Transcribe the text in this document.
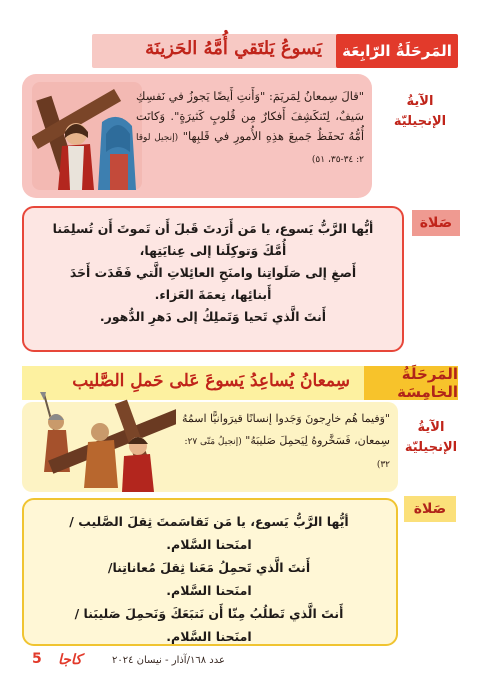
المَرحَلَةُ الرّابِعَة
يَسوعُ يَلتَقي أُمَّهُ الحَزينَة
"قالَ سِمعانُ لِمَريَمَ: "وَأَنتِ أَيضًا يَجوزُ في نَفسِكِ سَيفٌ، لِتَنكَشِفَ أَفكارٌ مِن قُلوبٍ كَثيرَةٍ". وَكانَت أُمُّهُ تَحفَظُ جَميعَ هذِهِ الأُمورِ في قَلبِها" (إنجيل لوقا ٢: ٣٤-٣٥، ٥١)
الآيةُ الإنجيليّة
صَلاة
أيُّها الرَّبُّ يَسوع، يا مَن أَرَدتَ قَبلَ أَن تَموتَ أَن تُسلِمَنا
أُمَّكَ وَتوكِلَنا إلى عِنايَتِها،
أَصغِ إلى صَلَواتِنا وامنَحِ العائِلاتِ الَّتي فَقَدَت أَحَدَ
أَبنائِها، نِعمَةَ العَزاء.
أَنتَ الَّذي تَحيا وَتَملِكُ إلى دَهرِ الدُّهور.
المَرحَلَةُ الخامِسَة
سِمعانُ يُساعِدُ يَسوعَ عَلى حَملِ الصَّليب
"وَفيما هُم خارِجونَ وَجَدوا إنسانًا قيرَوانيًّا اسمُهُ سِمعان، فَسَخَّروهُ لِيَحمِلَ صَليبَهُ" (إنجيلُ مَتّى ٢٧: ٣٢)
الآيةُ الإنجيليّة
صَلاة
أيُّها الرَّبُّ يَسوع، يا مَن تَقاسَمتَ ثِقلَ الصَّليب /
امنَحنا السَّلام.
أَنتَ الَّذي تَحمِلُ مَعَنا ثِقلَ مُعاناتِنا/
امنَحنا السَّلام.
أَنتَ الَّذي تَطلُبُ مِنّا أَن نَتبَعَكَ وَنَحمِلَ صَليبَنا /
امنَحنا السَّلام.
5 كاجا	عدد ١٦٨/آذار - نيسان ٢٠٢٤
